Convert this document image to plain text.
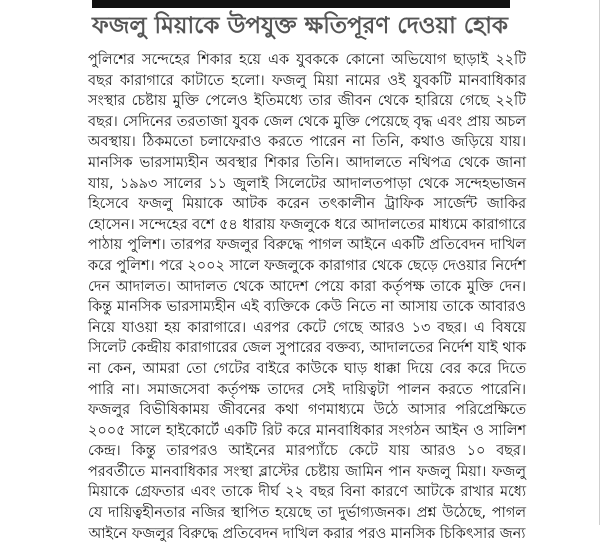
ফজলু মিয়াকে উপযুক্ত ক্ষতিপূরণ দেওয়া হোক

পুলিশের সন্দেহের শিকার হয়ে এক যুবককে কোনো অভিযোগ ছাড়াই ২২টি বছর কারাগারে কাটাতে হলো। ফজলু মিয়া নামের ওই যুবকটি মানবাধিকার সংস্থার চেষ্টায় মুক্তি পেলেও ইতিমধ্যে তার জীবন থেকে হারিয়ে গেছে ২২টি বছর। সেদিনের তরতাজা যুবক জেল থেকে মুক্তি পেয়েছে বৃদ্ধ এবং প্রায় অচল অবস্থায়। ঠিকমতো চলাফেরাও করতে পারেন না তিনি, কথাও জড়িয়ে যায়। মানসিক ভারসাম্যহীন অবস্থার শিকার তিনি। আদালতে নথিপত্র থেকে জানা যায়, ১৯৯৩ সালের ১১ জুলাই সিলেটের আদালতপাড়া থেকে সন্দেহভাজন হিসেবে ফজলু মিয়াকে আটক করেন তৎকালীন ট্রাফিক সার্জেন্ট জাকির হোসেন। সন্দেহের বশে ৫৪ ধারায় ফজলুকে ধরে আদালতের মাধ্যমে কারাগারে পাঠায় পুলিশ। তারপর ফজলুর বিরুদ্ধে পাগল আইনে একটি প্রতিবেদন দাখিল করে পুলিশ। পরে ২০০২ সালে ফজলুকে কারাগার থেকে ছেড়ে দেওয়ার নির্দেশ দেন আদালত। আদালত থেকে আদেশ পেয়ে কারা কর্তৃপক্ষ তাকে মুক্তি দেন। কিন্তু মানসিক ভারসাম্যহীন এই ব্যক্তিকে কেউ নিতে না আসায় তাকে আবারও নিয়ে যাওয়া হয় কারাগারে। এরপর কেটে গেছে আরও ১৩ বছর। এ বিষয়ে সিলেট কেন্দ্রীয় কারাগারের জেল সুপারের বক্তব্য, আদালতের নির্দেশ যাই থাক না কেন, আমরা তো গেটের বাইরে কাউকে ঘাড় ধাক্কা দিয়ে বের করে দিতে পারি না। সমাজসেবা কর্তৃপক্ষ তাদের সেই দায়িত্বটা পালন করতে পারেনি। ফজলুর বিভীষিকাময় জীবনের কথা গণমাধ্যমে উঠে আসার পরিপ্রেক্ষিতে ২০০৫ সালে হাইকোর্টে একটি রিট করে মানবাধিকার সংগঠন আইন ও সালিশ কেন্দ্র। কিন্তু তারপরও আইনের মারপ্যাঁচে কেটে যায় আরও ১০ বছর। পরবর্তীতে মানবাধিকার সংস্থা ব্লাস্টের চেষ্টায় জামিন পান ফজলু মিয়া। ফজলু মিয়াকে গ্রেফতার এবং তাকে দীর্ঘ ২২ বছর বিনা কারণে আটকে রাখার মধ্যে যে দায়িত্বহীনতার নজির স্থাপিত হয়েছে তা দুর্ভাগ্যজনক। প্রশ্ন উঠেছে, পাগল আইনে ফজলুর বিরুদ্ধে প্রতিবেদন দাখিল করার পরও মানসিক চিকিৎসার জন্য
